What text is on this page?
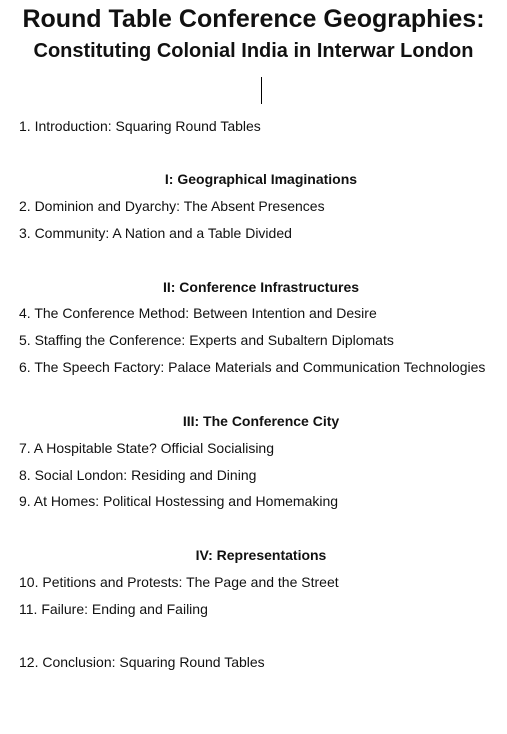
Round Table Conference Geographies:
Constituting Colonial India in Interwar London

1. Introduction: Squaring Round Tables

I: Geographical Imaginations

2. Dominion and Dyarchy: The Absent Presences

3. Community: A Nation and a Table Divided

II: Conference Infrastructures

4. The Conference Method: Between Intention and Desire

5. Staffing the Conference: Experts and Subaltern Diplomats

6. The Speech Factory: Palace Materials and Communication Technologies

III: The Conference City

7. A Hospitable State? Official Socialising

8. Social London: Residing and Dining

9. At Homes: Political Hostessing and Homemaking

IV: Representations

10. Petitions and Protests: The Page and the Street

11. Failure: Ending and Failing

12. Conclusion: Squaring Round Tables
